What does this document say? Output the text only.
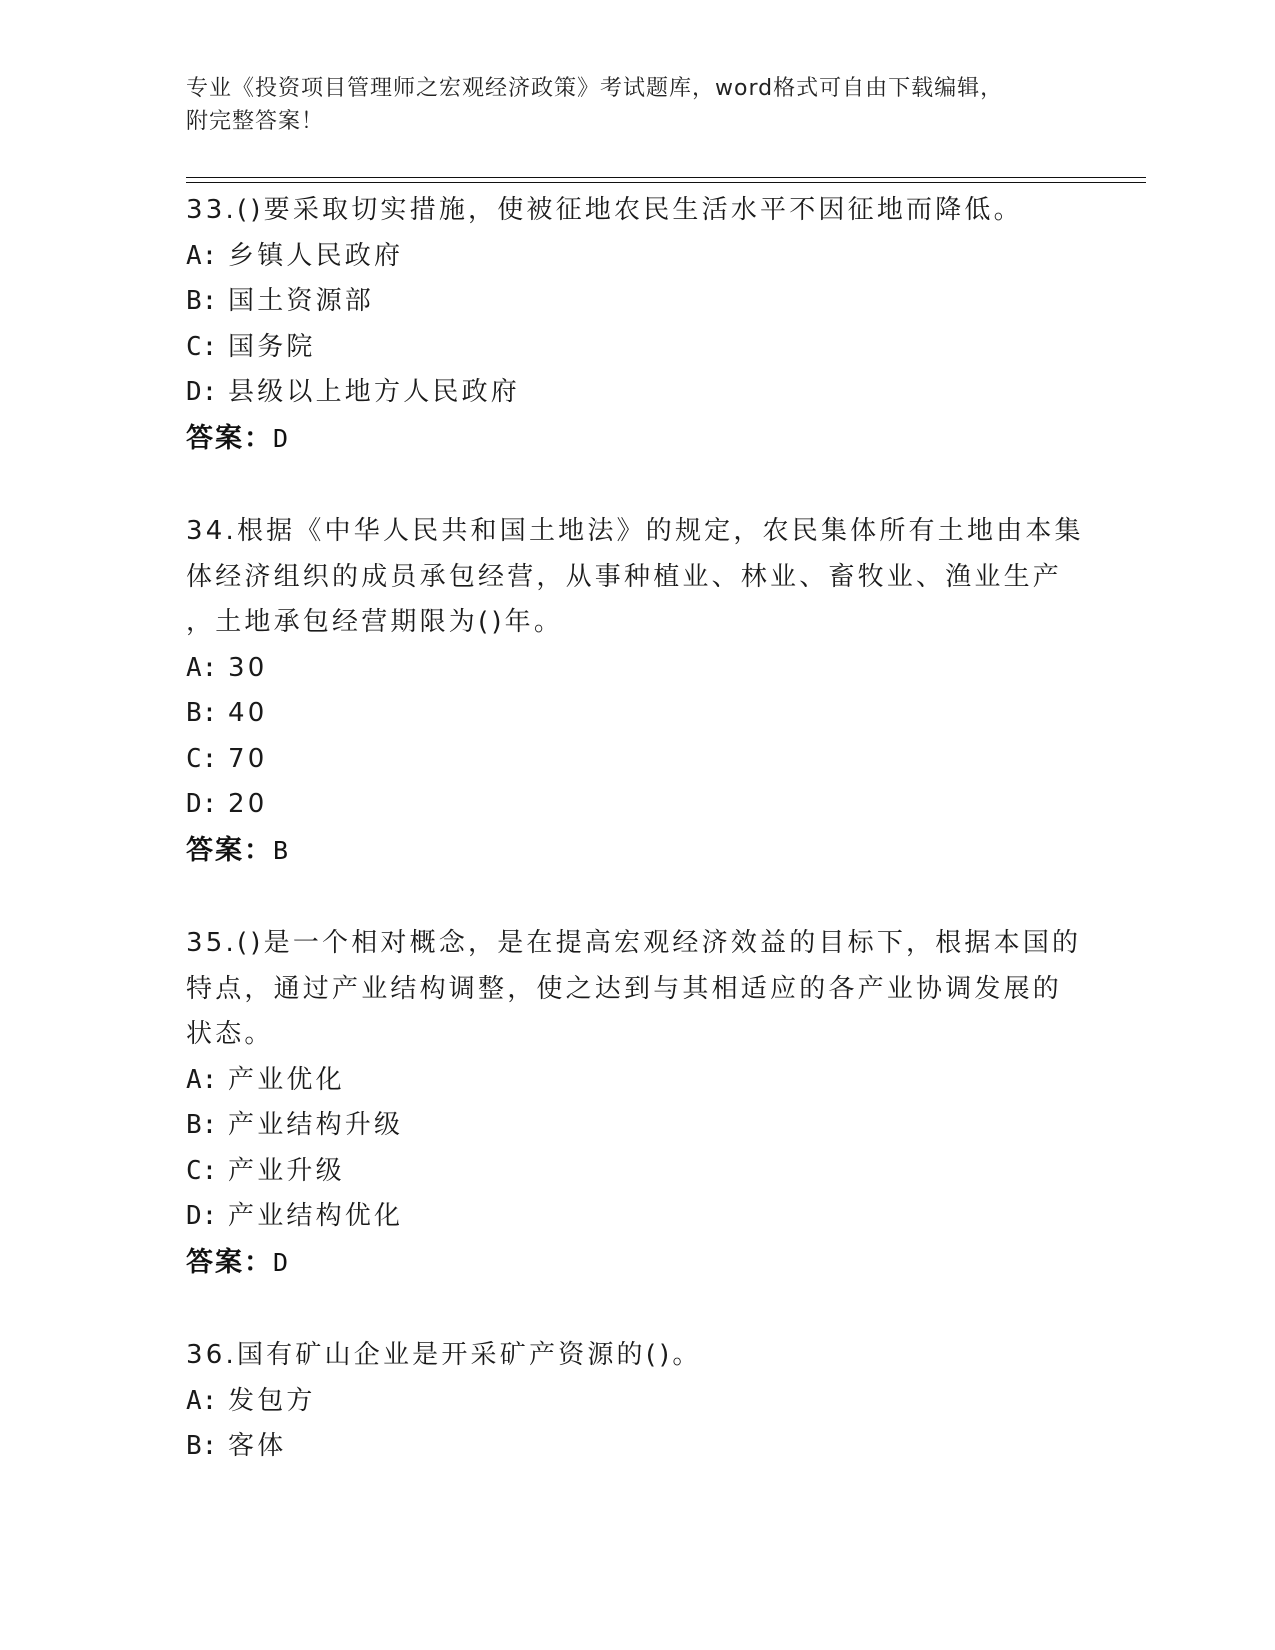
专业《投资项目管理师之宏观经济政策》考试题库，word格式可自由下载编辑，
附完整答案！

33.()要采取切实措施，使被征地农民生活水平不因征地而降低。

A: 乡镇人民政府
B: 国土资源部
C: 国务院
D: 县级以上地方人民政府
答案：D
34.根据《中华人民共和国土地法》的规定，农民集体所有土地由本集
体经济组织的成员承包经营，从事种植业、林业、畜牧业、渔业生产
，土地承包经营期限为()年。
A: 30
B: 40
C: 70
D: 20
答案：B
35.()是一个相对概念，是在提高宏观经济效益的目标下，根据本国的
特点，通过产业结构调整，使之达到与其相适应的各产业协调发展的
状态。
A: 产业优化
B: 产业结构升级
C: 产业升级
D: 产业结构优化
答案：D

36.国有矿山企业是开采矿产资源的()。

A: 发包方
B: 客体
